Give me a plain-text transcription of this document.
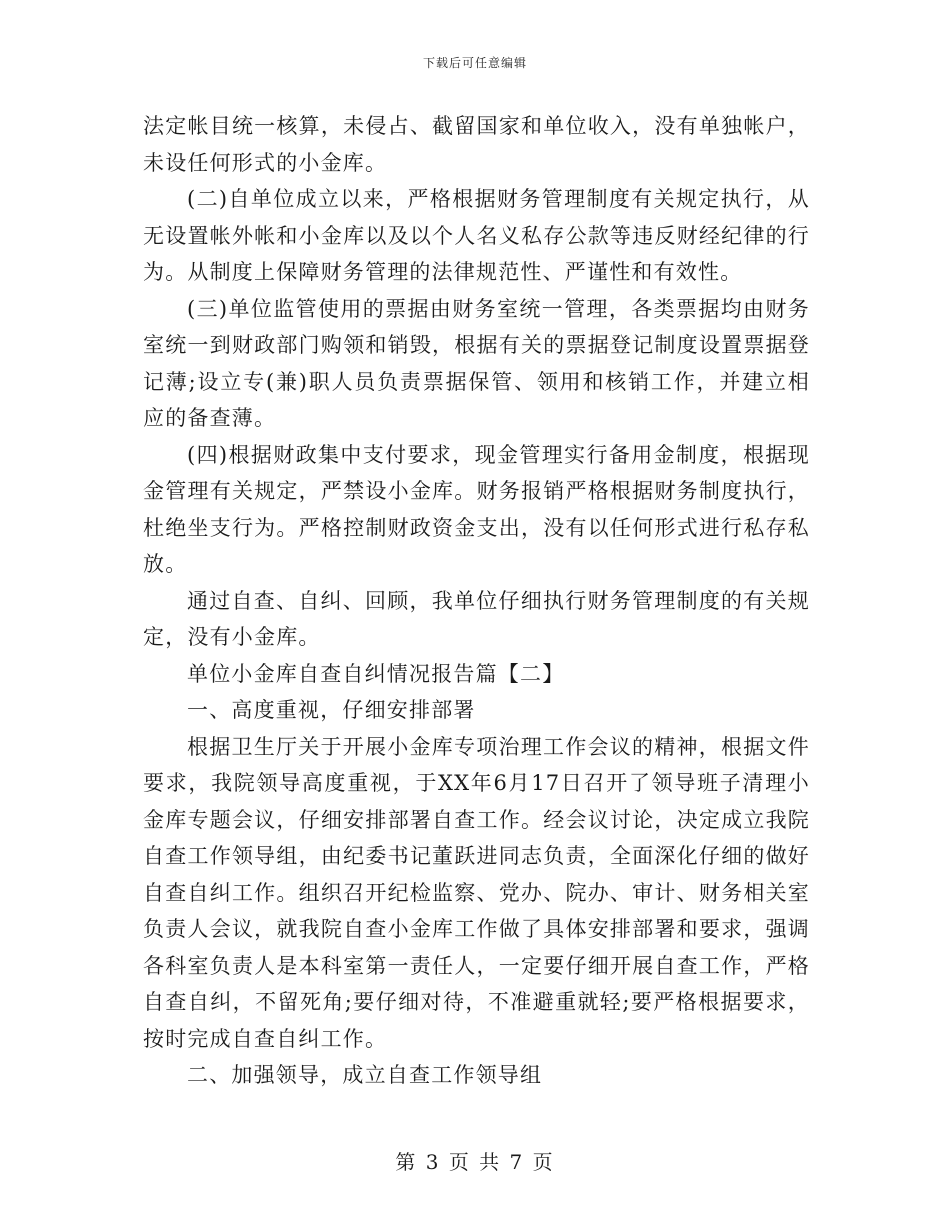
下载后可任意编辑

法定帐目统一核算，未侵占、截留国家和单位收入，没有单独帐户，未设任何形式的小金库。

(二)自单位成立以来，严格根据财务管理制度有关规定执行，从无设置帐外帐和小金库以及以个人名义私存公款等违反财经纪律的行为。从制度上保障财务管理的法律规范性、严谨性和有效性。

(三)单位监管使用的票据由财务室统一管理，各类票据均由财务室统一到财政部门购领和销毁，根据有关的票据登记制度设置票据登记薄;设立专(兼)职人员负责票据保管、领用和核销工作，并建立相应的备查薄。

(四)根据财政集中支付要求，现金管理实行备用金制度，根据现金管理有关规定，严禁设小金库。财务报销严格根据财务制度执行，杜绝坐支行为。严格控制财政资金支出，没有以任何形式进行私存私放。

通过自查、自纠、回顾，我单位仔细执行财务管理制度的有关规定，没有小金库。

单位小金库自查自纠情况报告篇【二】

一、高度重视，仔细安排部署

根据卫生厅关于开展小金库专项治理工作会议的精神，根据文件要求，我院领导高度重视，于XX年6月17日召开了领导班子清理小金库专题会议，仔细安排部署自查工作。经会议讨论，决定成立我院自查工作领导组，由纪委书记董跃进同志负责，全面深化仔细的做好自查自纠工作。组织召开纪检监察、党办、院办、审计、财务相关室负责人会议，就我院自查小金库工作做了具体安排部署和要求，强调各科室负责人是本科室第一责任人，一定要仔细开展自查工作，严格自查自纠，不留死角;要仔细对待，不准避重就轻;要严格根据要求，按时完成自查自纠工作。

二、加强领导，成立自查工作领导组

第 3 页 共 7 页
